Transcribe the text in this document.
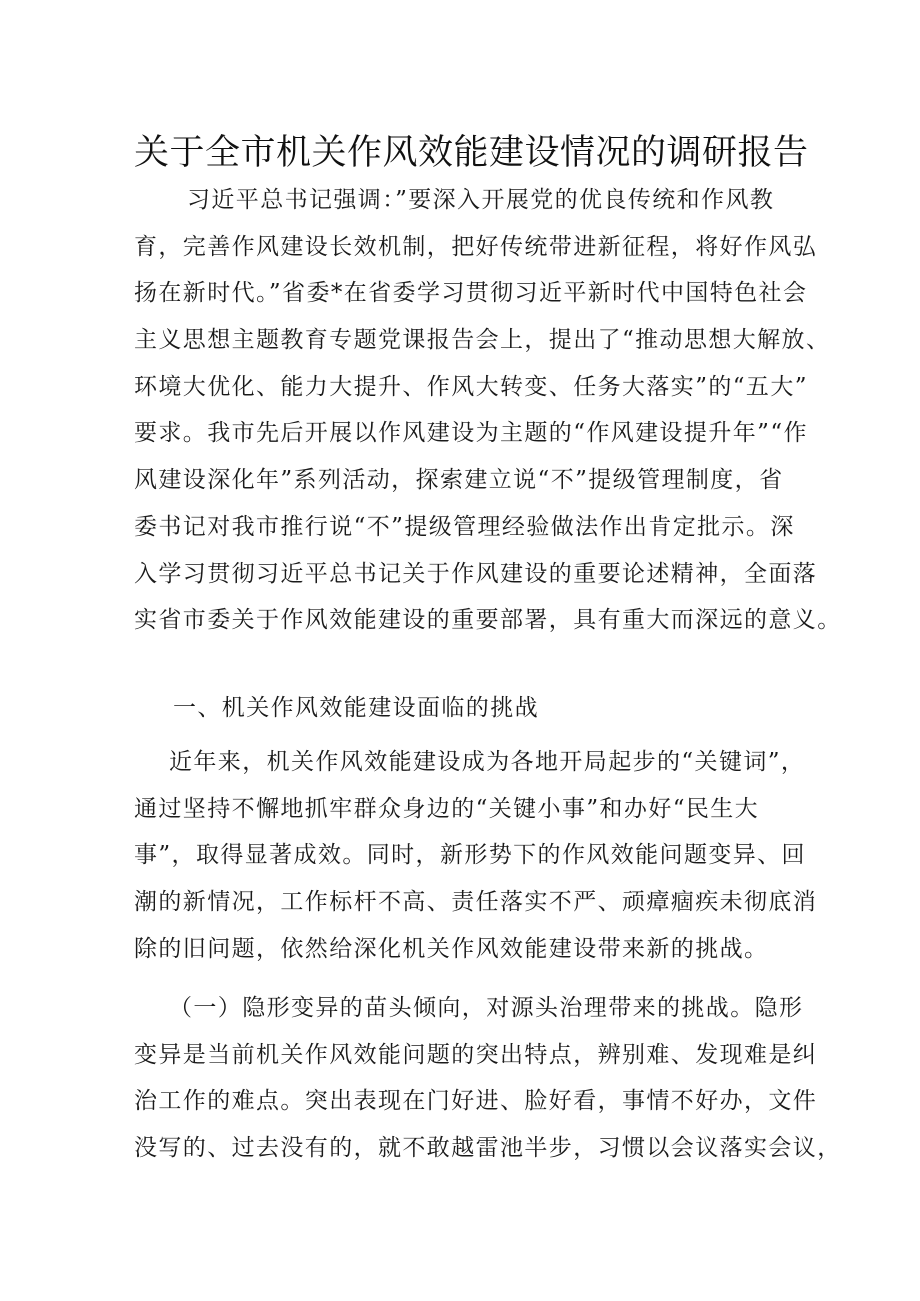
关于全市机关作风效能建设情况的调研报告
习近平总书记强调：”要深入开展党的优良传统和作风教
育，完善作风建设长效机制，把好传统带进新征程，将好作风弘
扬在新时代。”省委*在省委学习贯彻习近平新时代中国特色社会
主义思想主题教育专题党课报告会上，提出了“推动思想大解放、
环境大优化、能力大提升、作风大转变、任务大落实”的“五大”
要求。我市先后开展以作风建设为主题的“作风建设提升年”“作
风建设深化年”系列活动，探索建立说“不”提级管理制度，省
委书记对我市推行说“不”提级管理经验做法作出肯定批示。深
入学习贯彻习近平总书记关于作风建设的重要论述精神，全面落
实省市委关于作风效能建设的重要部署，具有重大而深远的意义。
一、机关作风效能建设面临的挑战
近年来，机关作风效能建设成为各地开局起步的“关键词”，
通过坚持不懈地抓牢群众身边的“关键小事”和办好“民生大
事”，取得显著成效。同时，新形势下的作风效能问题变异、回
潮的新情况，工作标杆不高、责任落实不严、顽瘴痼疾未彻底消
除的旧问题，依然给深化机关作风效能建设带来新的挑战。
（一）隐形变异的苗头倾向，对源头治理带来的挑战。隐形
变异是当前机关作风效能问题的突出特点，辨别难、发现难是纠
治工作的难点。突出表现在门好进、脸好看，事情不好办，文件
没写的、过去没有的，就不敢越雷池半步，习惯以会议落实会议，
